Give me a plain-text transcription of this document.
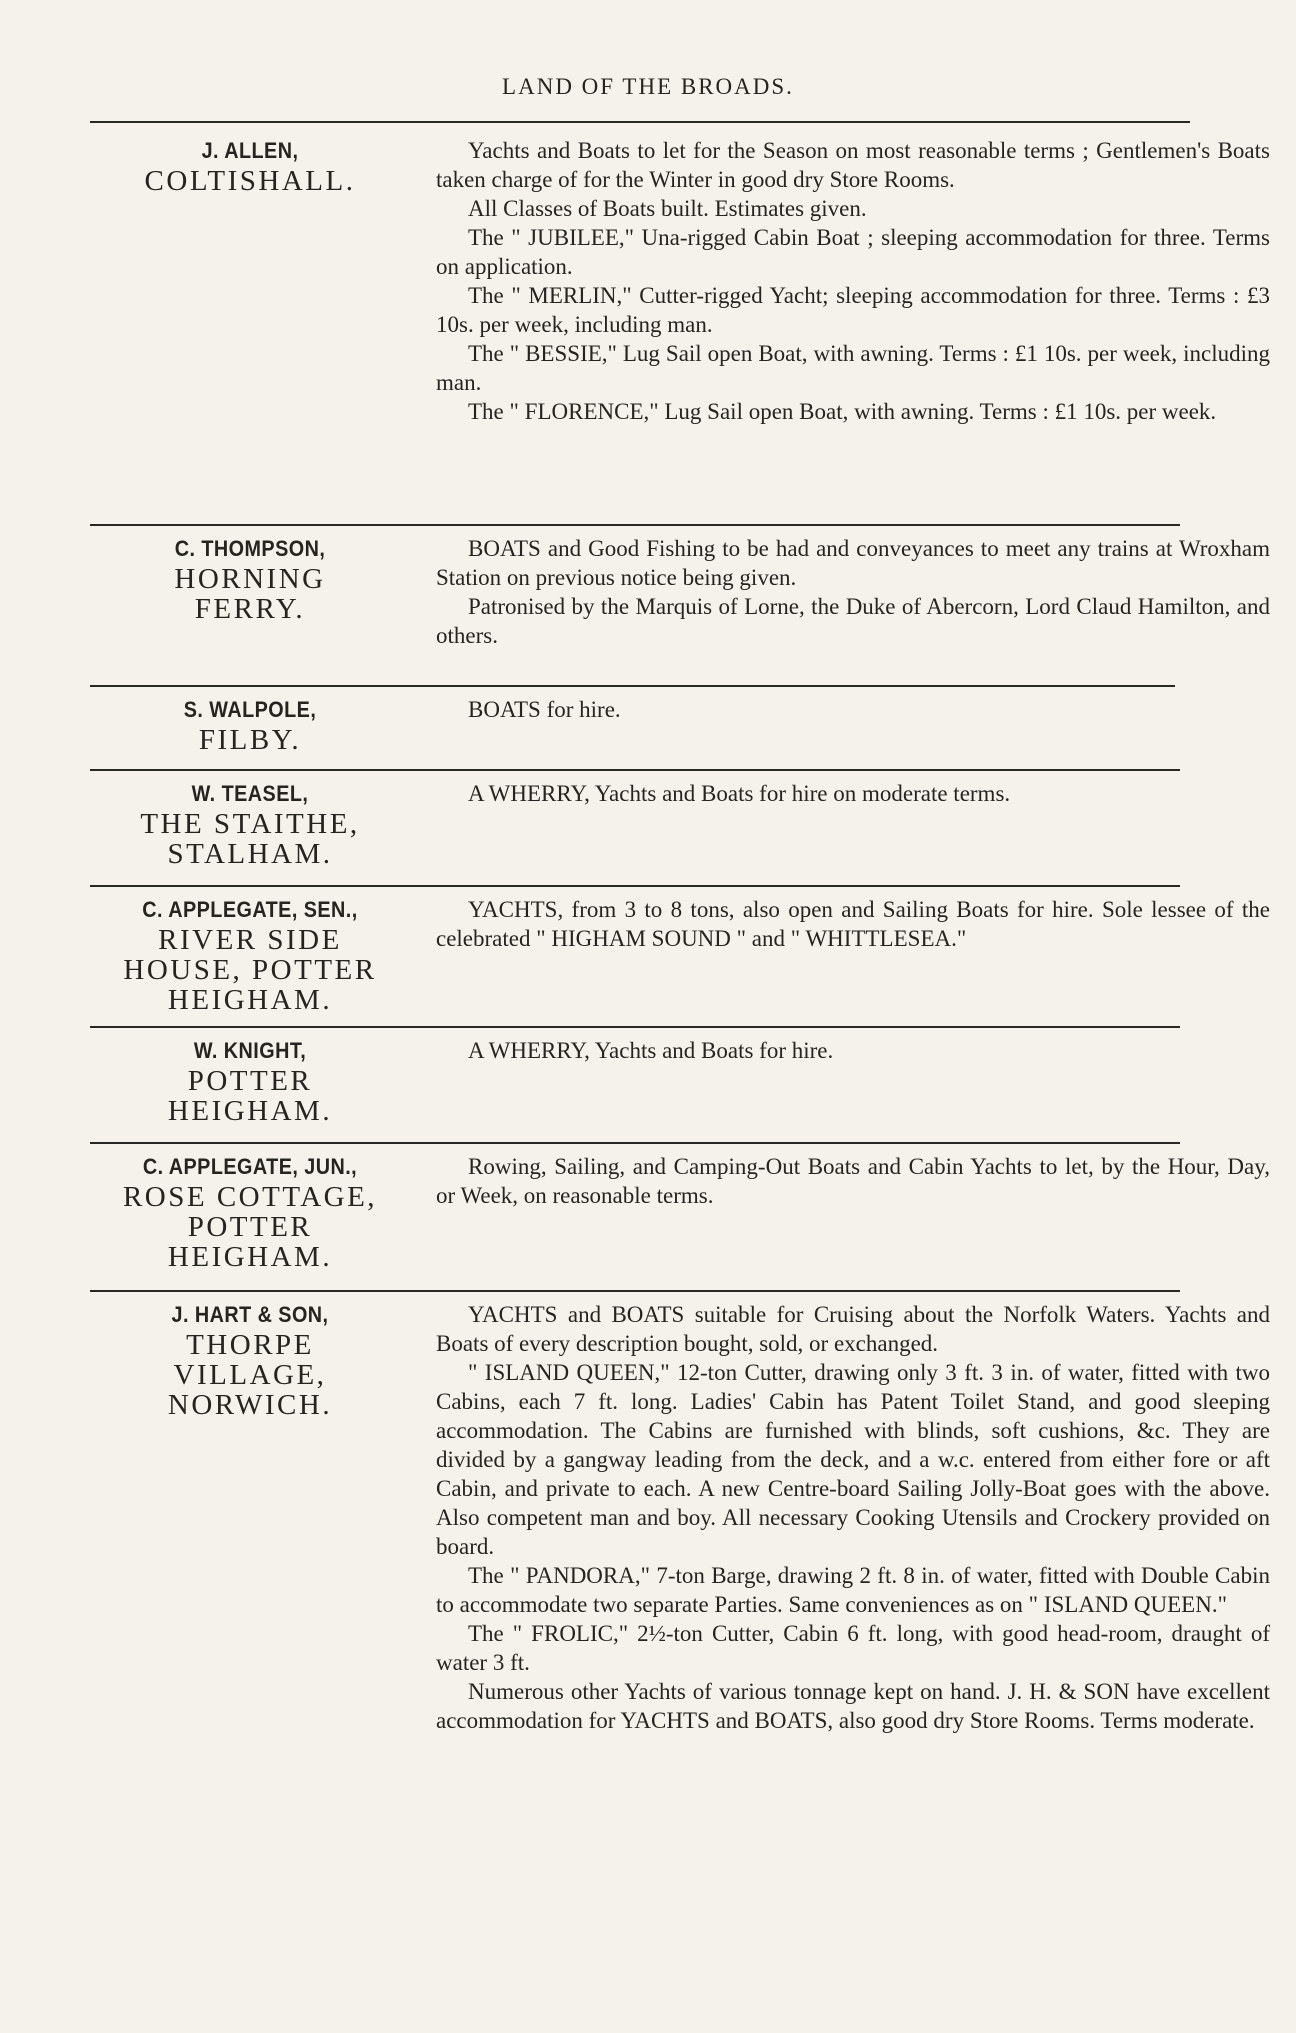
LAND OF THE BROADS.
J. ALLEN,
COLTISHALL.

Yachts and Boats to let for the Season on most reasonable terms ; Gentlemen's Boats taken charge of for the Winter in good dry Store Rooms.

All Classes of Boats built. Estimates given.

The " JUBILEE," Una-rigged Cabin Boat ; sleeping accommodation for three. Terms on application.

The " MERLIN," Cutter-rigged Yacht; sleeping accommodation for three. Terms : £3 10s. per week, including man.

The " BESSIE," Lug Sail open Boat, with awning. Terms : £1 10s. per week, including man.

The " FLORENCE," Lug Sail open Boat, with awning. Terms : £1 10s. per week.

C. THOMPSON,
HORNING
FERRY.

BOATS and Good Fishing to be had and conveyances to meet any trains at Wroxham Station on previous notice being given.

Patronised by the Marquis of Lorne, the Duke of Abercorn, Lord Claud Hamilton, and others.

S. WALPOLE,
FILBY.

BOATS for hire.

W. TEASEL,
THE STAITHE,
STALHAM.

A WHERRY, Yachts and Boats for hire on moderate terms.

C. APPLEGATE, SEN.,
RIVER SIDE
HOUSE, POTTER
HEIGHAM.

YACHTS, from 3 to 8 tons, also open and Sailing Boats for hire. Sole lessee of the celebrated " HIGHAM SOUND " and " WHITTLESEA."

W. KNIGHT,
POTTER
HEIGHAM.

A WHERRY, Yachts and Boats for hire.

C. APPLEGATE, JUN.,
ROSE COTTAGE,
POTTER
HEIGHAM.

Rowing, Sailing, and Camping-Out Boats and Cabin Yachts to let, by the Hour, Day, or Week, on reasonable terms.

J. HART & SON,
THORPE
VILLAGE,
NORWICH.

YACHTS and BOATS suitable for Cruising about the Norfolk Waters. Yachts and Boats of every description bought, sold, or exchanged.

" ISLAND QUEEN," 12-ton Cutter, drawing only 3 ft. 3 in. of water, fitted with two Cabins, each 7 ft. long. Ladies' Cabin has Patent Toilet Stand, and good sleeping accommodation. The Cabins are furnished with blinds, soft cushions, &c. They are divided by a gangway leading from the deck, and a w.c. entered from either fore or aft Cabin, and private to each. A new Centre-board Sailing Jolly-Boat goes with the above. Also competent man and boy. All necessary Cooking Utensils and Crockery provided on board.

The " PANDORA," 7-ton Barge, drawing 2 ft. 8 in. of water, fitted with Double Cabin to accommodate two separate Parties. Same conveniences as on " ISLAND QUEEN."

The " FROLIC," 2½-ton Cutter, Cabin 6 ft. long, with good head-room, draught of water 3 ft.

Numerous other Yachts of various tonnage kept on hand. J. H. & SON have excellent accommodation for YACHTS and BOATS, also good dry Store Rooms. Terms moderate.
